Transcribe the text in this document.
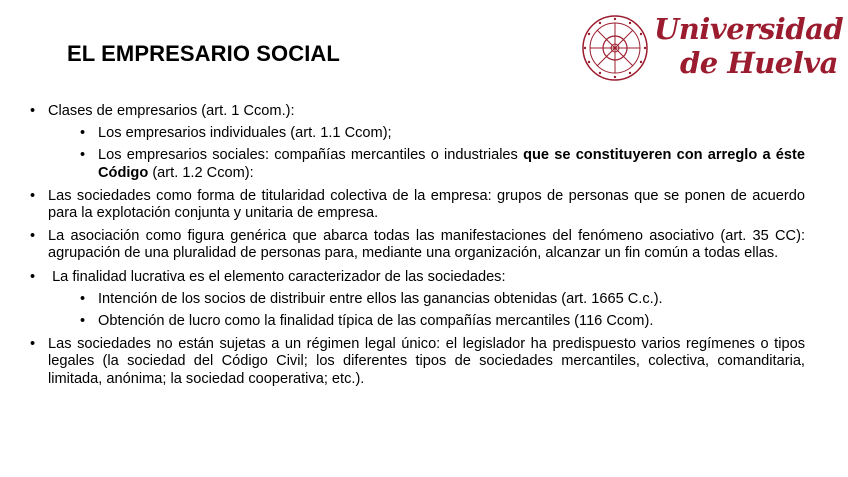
EL EMPRESARIO SOCIAL
Universidad
de Huelva
• Clases de empresarios (art. 1 Ccom.):
• Los empresarios individuales (art. 1.1 Ccom);
• Los empresarios sociales: compañías mercantiles o industriales que se constituyeren con arreglo a éste Código (art. 1.2 Ccom):
• Las sociedades como forma de titularidad colectiva de la empresa: grupos de personas que se ponen de acuerdo para la explotación conjunta y unitaria de empresa.
• La asociación como figura genérica que abarca todas las manifestaciones del fenómeno asociativo (art. 35 CC): agrupación de una pluralidad de personas para, mediante una organización, alcanzar un fin común a todas ellas.
• La finalidad lucrativa es el elemento caracterizador de las sociedades:
• Intención de los socios de distribuir entre ellos las ganancias obtenidas (art. 1665 C.c.).
• Obtención de lucro como la finalidad típica de las compañías mercantiles (116 Ccom).
• Las sociedades no están sujetas a un régimen legal único: el legislador ha predispuesto varios regímenes o tipos legales (la sociedad del Código Civil; los diferentes tipos de sociedades mercantiles, colectiva, comanditaria, limitada, anónima; la sociedad cooperativa; etc.).
